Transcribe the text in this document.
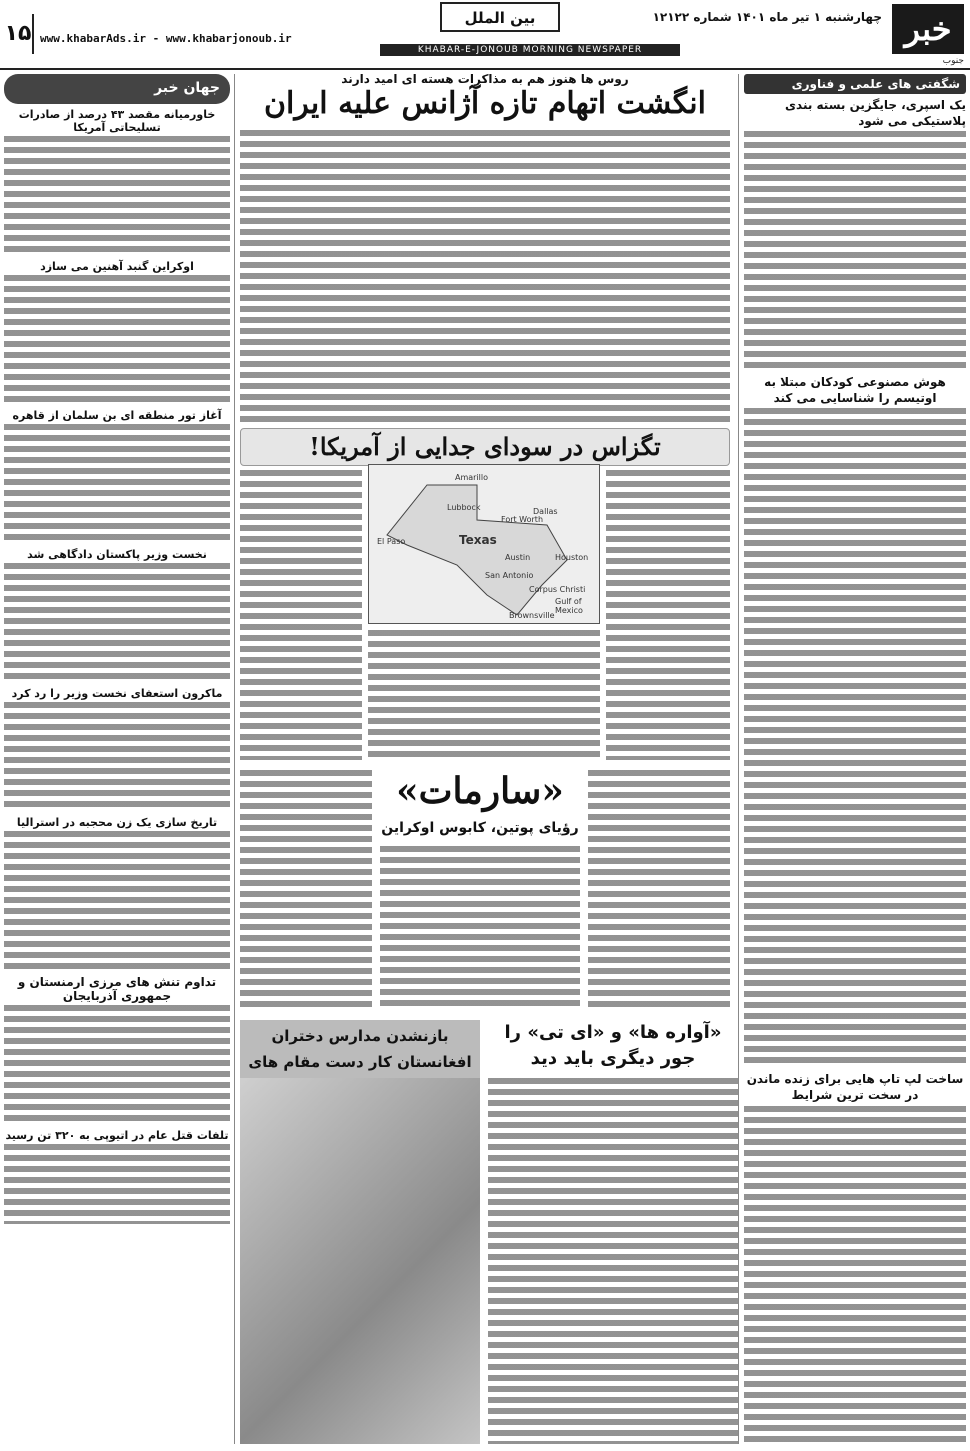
خبر
جنوب
چهارشنبه ۱ تیر ماه ۱۴۰۱ شماره ۱۲۱۲۲
بین الملل
www.khabarAds.ir - www.khabarjonoub.ir
۱۵
KHABAR-E-JONOUB MORNING NEWSPAPER
شگفتی های علمی و فناوری
یک اسپری، جایگزین بسته بندی پلاستیکی می شود
هوش مصنوعی کودکان مبتلا به اوتیسم را شناسایی می کند
ساخت لپ تاپ هایی برای زنده ماندن در سخت ترین شرایط
روس ها هنوز هم به مذاکرات هسته ای امید دارند
انگشت اتهام تازه آژانس علیه ایران
تگزاس در سودای جدایی از آمریکا!
Amarillo
Lubbock
Fort Worth
Dallas
El Paso	Texas
Austin	Houston
San Antonio
Corpus Christi
Gulf of Mexico
Brownsville
«سارمات»
رؤیای پوتین، کابوس اوکراین
بازنشدن مدارس دختران افغانستان کار دست مقام های
«آواره ها» و «ای تی» را جور دیگری باید دید
جهان خبر
خاورمیانه مقصد ۴۳ درصد از صادرات تسلیحاتی آمریکا
اوکراین گنبد آهنین می سازد
آغاز تور منطقه ای بن سلمان از قاهره
نخست وزیر پاکستان دادگاهی شد
ماکرون استعفای نخست وزیر را رد کرد
تاریخ سازی یک زن محجبه در استرالیا
تداوم تنش های مرزی ارمنستان و جمهوری آذربایجان
تلفات قتل عام در اتیوپی به ۳۲۰ تن رسید
